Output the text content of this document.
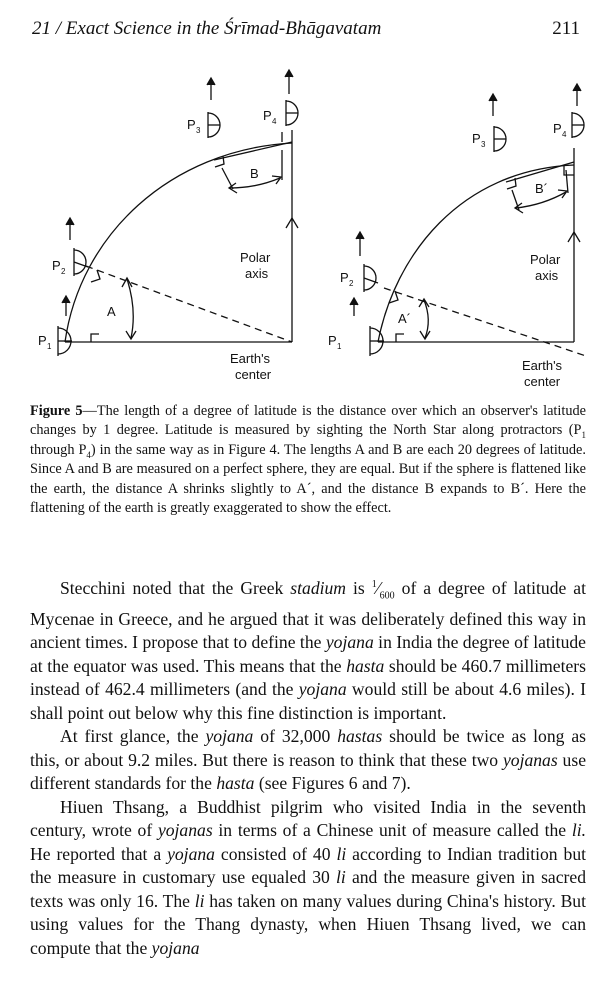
21 / Exact Science in the Śrīmad-Bhāgavatam	211
P 1
P 2
P 3
P 4
A
B
Polar
axis
Earth's
center
P 1
P 2
P 3
P 4
A´
B´
Polar
axis
Earth's
center
Figure 5—The length of a degree of latitude is the distance over which an observer's latitude changes by 1 degree. Latitude is measured by sighting the North Star along protractors ($P_1$ through $P_4$) in the same way as in Figure 4. The lengths A and B are each 20 degrees of latitude. Since A and B are measured on a perfect sphere, they are equal. But if the sphere is flattened like the earth, the distance A shrinks slightly to A´, and the distance B expands to B´. Here the flattening of the earth is greatly exaggerated to show the effect.

Stecchini noted that the Greek stadium is $^1⁄_{600}$ of a degree of latitude at Mycenae in Greece, and he argued that it was deliberately defined this way in ancient times. I propose that to define the yojana in India the degree of latitude at the equator was used. This means that the hasta should be 460.7 millimeters instead of 462.4 millimeters (and the yojana would still be about 4.6 miles). I shall point out below why this fine distinction is important.

At first glance, the yojana of 32,000 hastas should be twice as long as this, or about 9.2 miles. But there is reason to think that these two yojanas use different standards for the hasta (see Figures 6 and 7).

Hiuen Thsang, a Buddhist pilgrim who visited India in the seventh century, wrote of yojanas in terms of a Chinese unit of measure called the li. He reported that a yojana consisted of 40 li according to Indian tradition but the measure in customary use equaled 30 li and the measure given in sacred texts was only 16. The li has taken on many values during China's history. But using values for the Thang dynasty, when Hiuen Thsang lived, we can compute that the yojana
